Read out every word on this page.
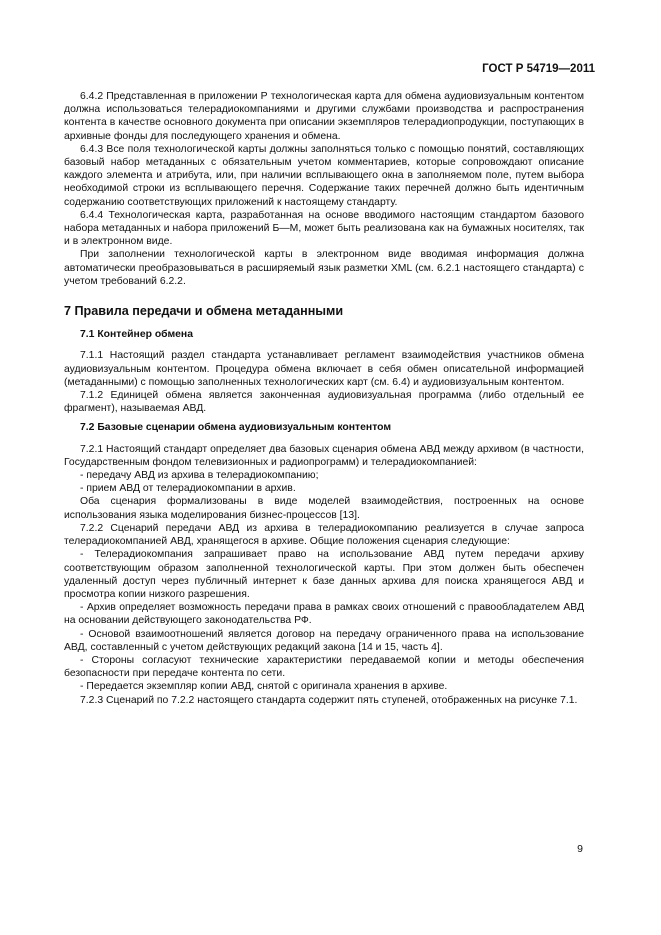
ГОСТ Р 54719—2011

6.4.2 Представленная в приложении Р технологическая карта для обмена аудиовизуальным контентом должна использоваться телерадиокомпаниями и другими службами производства и распространения контента в качестве основного документа при описании экземпляров телерадиопродукции, поступающих в архивные фонды для последующего хранения и обмена.

6.4.3 Все поля технологической карты должны заполняться только с помощью понятий, составляющих базовый набор метаданных с обязательным учетом комментариев, которые сопровождают описание каждого элемента и атрибута, или, при наличии всплывающего окна в заполняемом поле, путем выбора необходимой строки из всплывающего перечня. Содержание таких перечней должно быть идентичным содержанию соответствующих приложений к настоящему стандарту.

6.4.4 Технологическая карта, разработанная на основе вводимого настоящим стандартом базового набора метаданных и набора приложений Б—М, может быть реализована как на бумажных носителях, так и в электронном виде.

При заполнении технологической карты в электронном виде вводимая информация должна автоматически преобразовываться в расширяемый язык разметки XML (см. 6.2.1 настоящего стандарта) с учетом требований 6.2.2.

7 Правила передачи и обмена метаданными

7.1 Контейнер обмена

7.1.1 Настоящий раздел стандарта устанавливает регламент взаимодействия участников обмена аудиовизуальным контентом. Процедура обмена включает в себя обмен описательной информацией (метаданными) с помощью заполненных технологических карт (см. 6.4) и аудиовизуальным контентом.

7.1.2 Единицей обмена является законченная аудиовизуальная программа (либо отдельный ее фрагмент), называемая АВД.

7.2 Базовые сценарии обмена аудиовизуальным контентом

7.2.1 Настоящий стандарт определяет два базовых сценария обмена АВД между архивом (в частности, Государственным фондом телевизионных и радиопрограмм) и телерадиокомпанией:

- передачу АВД из архива в телерадиокомпанию;

- прием АВД от телерадиокомпании в архив.

Оба сценария формализованы в виде моделей взаимодействия, построенных на основе использования языка моделирования бизнес-процессов [13].

7.2.2 Сценарий передачи АВД из архива в телерадиокомпанию реализуется в случае запроса телерадиокомпанией АВД, хранящегося в архиве. Общие положения сценария следующие:

- Телерадиокомпания запрашивает право на использование АВД путем передачи архиву соответствующим образом заполненной технологической карты. При этом должен быть обеспечен удаленный доступ через публичный интернет к базе данных архива для поиска хранящегося АВД и просмотра копии низкого разрешения.

- Архив определяет возможность передачи права в рамках своих отношений с правообладателем АВД на основании действующего законодательства РФ.

- Основой взаимоотношений является договор на передачу ограниченного права на использование АВД, составленный с учетом действующих редакций закона [14 и 15, часть 4].

- Стороны согласуют технические характеристики передаваемой копии и методы обеспечения безопасности при передаче контента по сети.

- Передается экземпляр копии АВД, снятой с оригинала хранения в архиве.

7.2.3 Сценарий по 7.2.2 настоящего стандарта содержит пять ступеней, отображенных на рисунке 7.1.

9
